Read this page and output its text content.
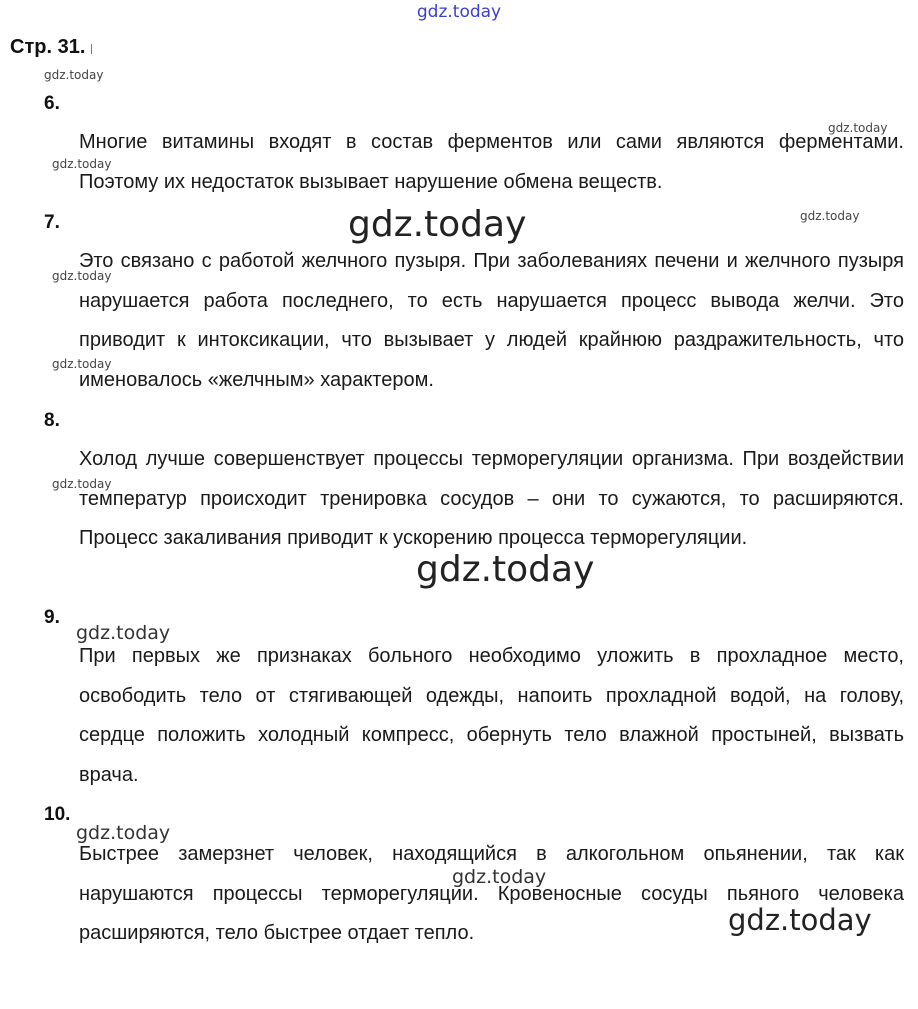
gdz.today
Стр. 31.
6.

Многие витамины входят в состав ферментов или сами являются ферментами. Поэтому их недостаток вызывает нарушение обмена веществ.

7.

Это связано с работой желчного пузыря. При заболеваниях печени и желчного пузыря нарушается работа последнего, то есть нарушается процесс вывода желчи. Это приводит к интоксикации, что вызывает у людей крайнюю раздражительность, что именовалось «желчным» характером.

8.

Холод лучше совершенствует процессы терморегуляции организма. При воздействии температур происходит тренировка сосудов – они то сужаются, то расширяются. Процесс закаливания приводит к ускорению процесса терморегуляции.

9.

При первых же признаках больного необходимо уложить в прохладное место, освободить тело от стягивающей одежды, напоить прохладной водой, на голову, сердце положить холодный компресс, обернуть тело влажной простыней, вызвать врача.

10.

Быстрее замерзнет человек, находящийся в алкогольном опьянении, так как нарушаются процессы терморегуляции. Кровеносные сосуды пьяного человека расширяются, тело быстрее отдает тепло.

gdz.today
gdz.today
gdz.today
gdz.today	gdz.today
gdz.today
gdz.today
gdz.today
gdz.today
gdz.today
gdz.today
gdz.today
gdz.today
